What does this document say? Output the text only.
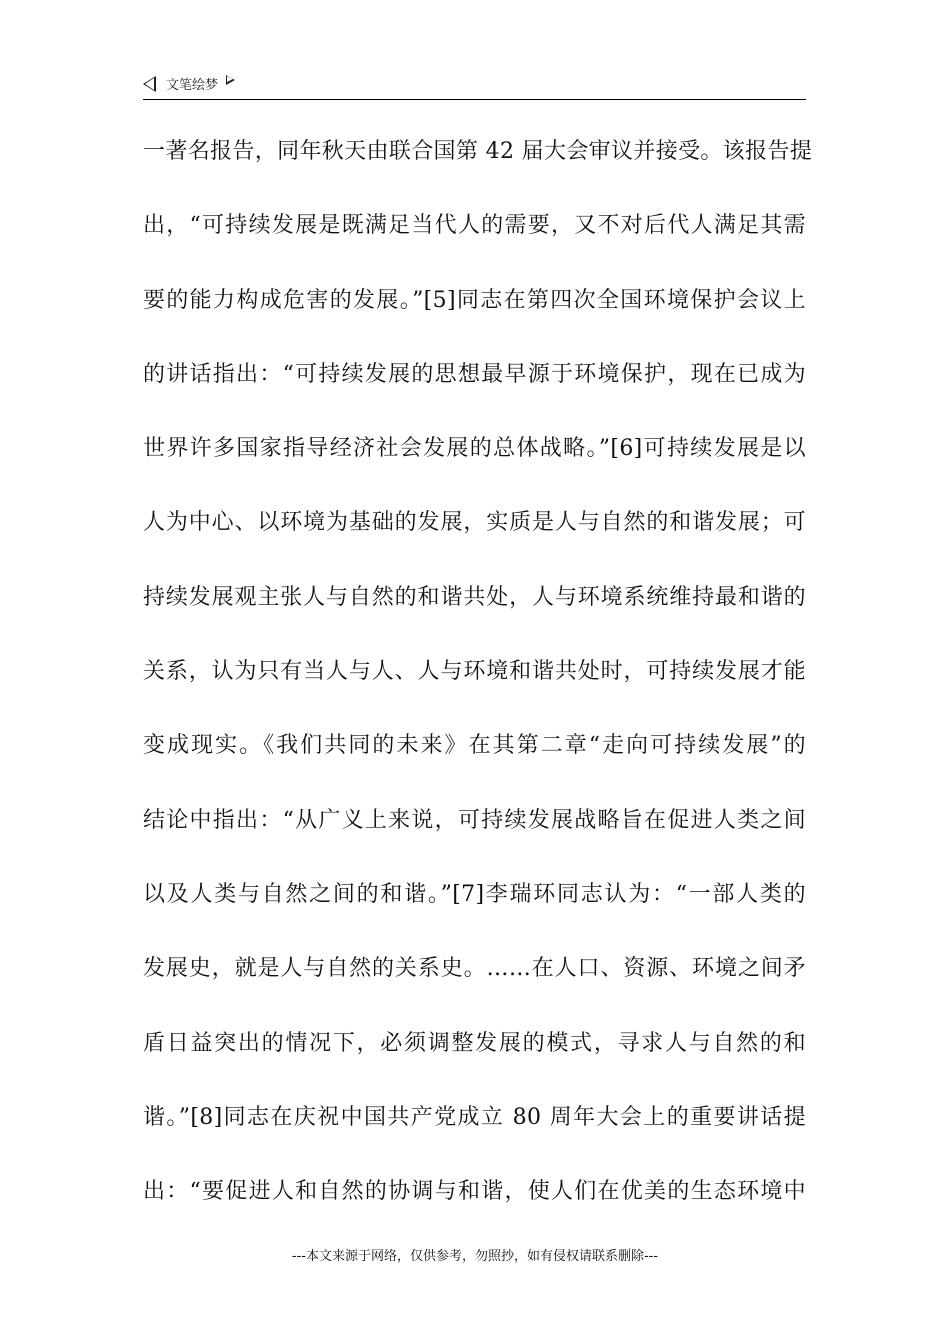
文笔绘梦
一著名报告，同年秋天由联合国第 42 届大会审议并接受。该报告提
出，“可持续发展是既满足当代人的需要，又不对后代人满足其需
要的能力构成危害的发展。”[5]同志在第四次全国环境保护会议上
的讲话指出：“可持续发展的思想最早源于环境保护，现在已成为
世界许多国家指导经济社会发展的总体战略。”[6]可持续发展是以
人为中心、以环境为基础的发展，实质是人与自然的和谐发展；可
持续发展观主张人与自然的和谐共处，人与环境系统维持最和谐的
关系，认为只有当人与人、人与环境和谐共处时，可持续发展才能
变成现实。《我们共同的未来》在其第二章“走向可持续发展”的
结论中指出：“从广义上来说，可持续发展战略旨在促进人类之间
以及人类与自然之间的和谐。”[7]李瑞环同志认为：“一部人类的
发展史，就是人与自然的关系史。……在人口、资源、环境之间矛
盾日益突出的情况下，必须调整发展的模式，寻求人与自然的和
谐。”[8]同志在庆祝中国共产党成立 80 周年大会上的重要讲话提
出：“要促进人和自然的协调与和谐，使人们在优美的生态环境中
---本文来源于网络，仅供参考，勿照抄，如有侵权请联系删除---
